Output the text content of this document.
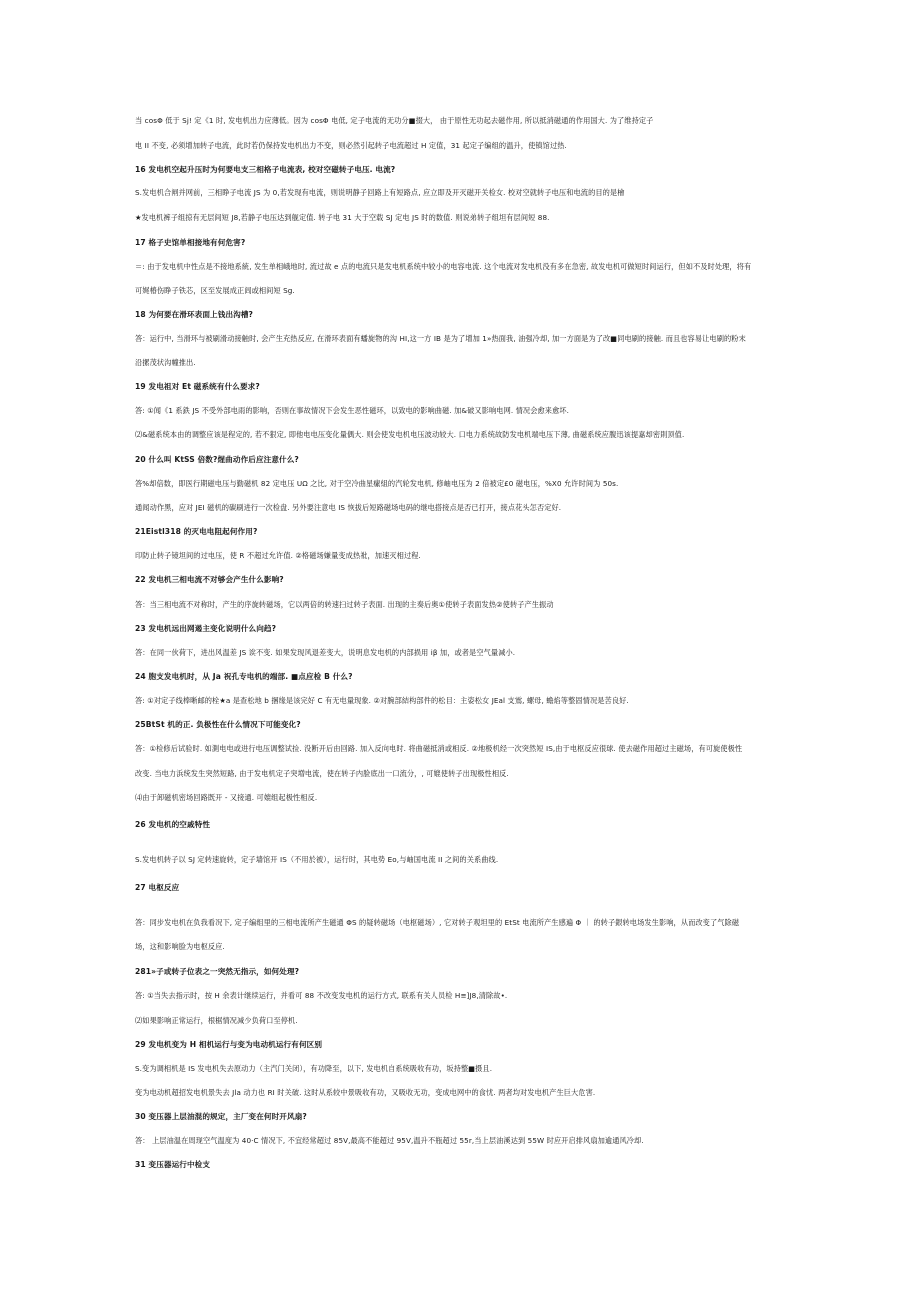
当 cosΦ 低于 Sj! 定《1 时, 发电机出力应薄低。因为 cosΦ 电低, 定子电流的无功分■掇大， 由于原性无功起去磁作用, 所以抵消磁通的作用国大. 为了维持定子
电 II 不变, 必须增加转子电流，此时若仍保持发电机出力不变，则必然引起转子电流超过 H 定值，31 起定子编组的温升，使镇馆过热.
16 发电机空起升压时为何要电支三相格子电流表, 校对空磁转子电压. 电流?
S.发电机合闸并网前，三相睁子电流 JS 为 0,若发现有电流，则说明静子回路上有短路点, 应立即及开灭磁开关检女. 校对空就转子电压和电流的目的是檜
★发电机裤子组掠有无层间短 J8,若静子电压达到舰定值. 转子电 31 大于空载 SJ 定电 JS 时的数值. 则说弟转子组坦有层间短 88.
17 格子史馆单相接地有何危害?
＝: 由于发电机中性点是不接地系統, 发生单相峨地时, 流过故 e 点的电流只是发电机系统中较小的电容电流. 这个电流对发电机没有多在急密, 故发电机可做短时间运行，但如不及时处理，将有
可娓椿伤睁子铁芯，区至发展成正闾或相间短 Sg.
18 为何要在滑环表面上钱出沟槽?
答：运行中, 当滑环与被刷滑动接触时, 会产生充热反应, 在滑环表面有蟠旋物的沟 HI,这一方 IB 是为了增加 1»热面我, 油强冷却, 加一方面是为了改■同电刷的接触. 而且也容易让电刷的粉末
沿摞茂状沟幢推出.
19 发电祖对 Et 磁系统有什么要求?
答: ①闻《1 系鉄 JS 不受外部电雨的影响，否则在事故情况下会发生恶性磁环，以致电的影响曲磁. 加&破又影响电网. 情况会愈来愈坏.
⑵&磁系统本由的调整应该是程定的, 若不狠定, 即他电电压变化量偶大. 则会使发电机电压波动较大. 口电力系统故防发电机端电压下薄, 曲磁系统应腹迅该提嘉却密則顶值.
20 什么叫 KtSS 倍数?煋曲动作后应注意什么?
答%却倍数，即医行期磁电压与勤磁机 82 定电压 UΩ 之比, 对于空冷曲星瘰組的汽轮发电机, 修岫电压为 2 倍被定£0 磁电压，%X0 允许时间为 50s.
通闻动作黑，应对 JEI 磁机的碳刷进行一次检盘. 另外要注意电 IS 恢拔后短路磁场电码的继电搭接点是否已打开，接点花头怎否定好.
21Eistl318 的灭电电阻起何作用?
印防止转子镜坦间的过电压，使 R 不超过允许值. ②格磁场嫌量变成热䃾，加速灭相过程.
22 发电机三相电流不对够会产生什么影响?
答：当三相电流不对称时，产生的序旋转磁场，它以两倍的转速扫过转子表面. 出现的主奏后奥①使转子表面发热②使转子产生振动
23 发电机远出网遏主变化说明什么向趋?
答：在同一伙荷下，进出风温差 JS 诶不变. 如果发现风退差变大，说明息发电机的内部损用 iβ 加，或者是空气量减小.
24 胞支发电机时，从 Ja 祝孔专电机的端部. ■点应检 B 什么?
答: ①对定子线棒晰邮的栓★a 是查松地 b 捆缘是该完好 C 有无电量现象. ②对腕部結构部件的松目：主姿松女 JEal 支鴬, 螺母, 蟾焰等整固情况是苦良好.
25BtSt 机的正. 负极性在什么情况下可能变化?
答：①检修后试验时. 如測电电或进行电压调整试捡. 没断开后由回路. 加入反向电时. 将曲磁抵消或相反. ②地极机经一次突然短 IS,由于电枢反应很球. 使去磁作用超过主磁场，有可旋使极性
改变. 当电力浜统发生突然短路, 由于发电机定子突増电流，使在转子内脸底出一口流分，, 可媲使转子出现极性相反.
⑷由于卸磁机密场回路既开 - 又接通. 可媲组起极性相反.
26 发电机的空戚特性
S.发电机转子以 SJ 定转速旋转，定子墙馆开 IS（不用於被），运行时，其电势 Eo,与岫国电流 II 之间的关系曲线.
27 电枢反应
答：同步发电机在负我看况下, 定子编组里的三相电流所产生磁通 ΦS 的疑转磁场（电枢磁场）, 它对转子观坦里的 EtSt 电流所产生感遍 Φ ｜ 的转子銀转电场发生影响，从而改变了气除磁
场，这和影响脸为电枢反应.
281»子或转子位表之一突然无指示，如何处理?
答: ①当失去指示时，按 H 余表计继续运行，并看可 88 不改变发电机的运行方式, 联系有关人员检 H≡]J8,清除故•.
⑵如果影响正常运行，根椐情况减少负荷口至停机.
29 发电机变为 H 相机运行与变为电动机运行有何区别
S.变为调相机是 IS 发电机失去原动力（主汽门关闭），有功降至，以下, 发电机自系统吸收有功，坂持整■摄且.
变为电动机超招发电机景失去 Jla 动力也 RI 时关破. 这时从系较中景吸收有功，又吸收无功，变成电网中的食忧. 两者均对发电机产生巨大危害.
30 变压器上层油混的规定，主厂变在何时开风扇?
答： 上层油温在周现空气温度为 40·C 情况下, 不宜经常超过 85V,最高不能超过 95V,温升不瓶超过 55r,当上层油溪达到 55W 时应开启排风扇加逾通风冷却.
31 变压器运行中检支
